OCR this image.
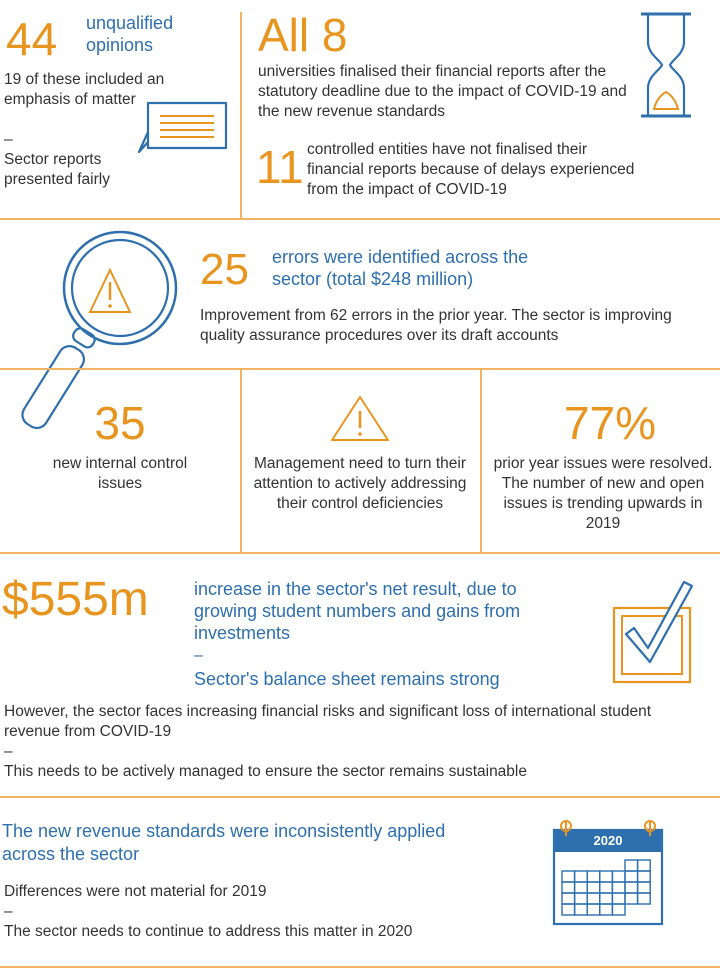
44 unqualified opinions
19 of these included an emphasis of matter
–
Sector reports presented fairly
All 8
universities finalised their financial reports after the statutory deadline due to the impact of COVID-19 and the new revenue standards
11 controlled entities have not finalised their financial reports because of delays experienced from the impact of COVID-19
25 errors were identified across the sector (total $248 million)
Improvement from 62 errors in the prior year. The sector is improving quality assurance procedures over its draft accounts
35
new internal control issues
Management need to turn their attention to actively addressing their control deficiencies
77%
prior year issues were resolved. The number of new and open issues is trending upwards in 2019
$555m	increase in the sector's net result, due to growing student numbers and gains from investments
–
Sector's balance sheet remains strong
However, the sector faces increasing financial risks and significant loss of international student revenue from COVID-19
–
This needs to be actively managed to ensure the sector remains sustainable
The new revenue standards were inconsistently applied across the sector
Differences were not material for 2019
–
The sector needs to continue to address this matter in 2020
2020
